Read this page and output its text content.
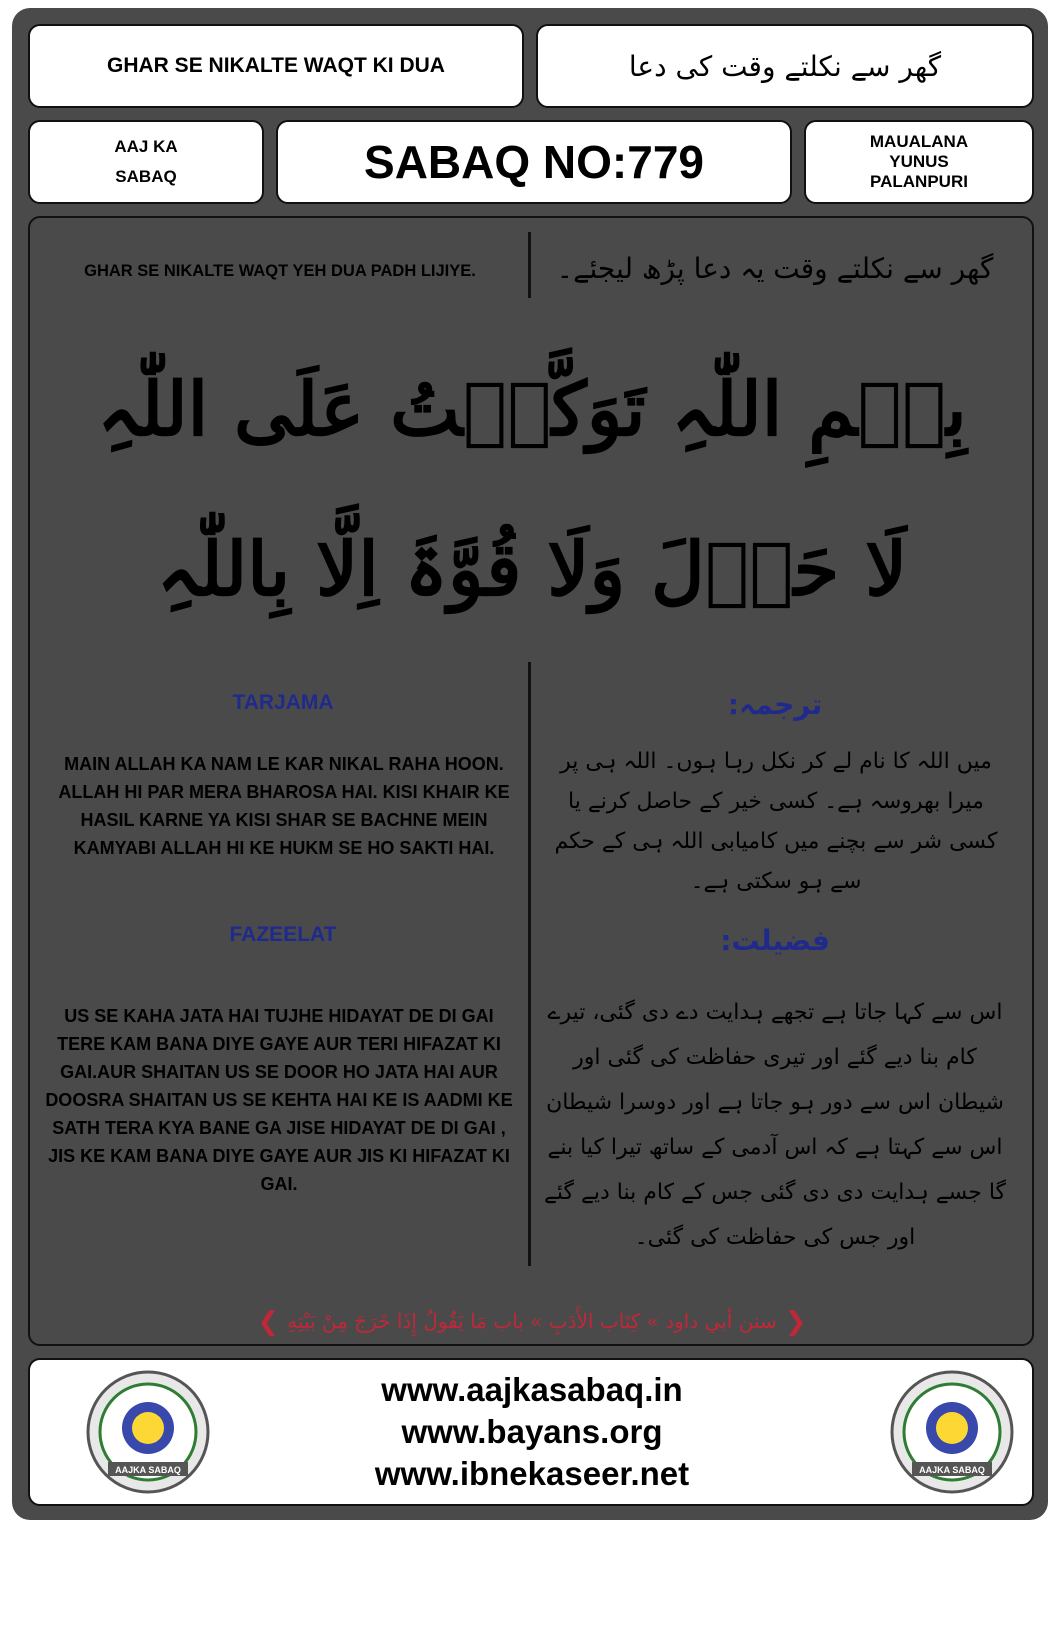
GHAR SE NIKALTE WAQT KI DUA	گھر سے نکلتے وقت کی دعا
AAJ KA
SABAQ	SABAQ NO:779	MAUALANA
YUNUS
PALANPURI
GHAR SE NIKALTE WAQT YEH DUA PADH LIJIYE.	گھر سے نکلتے وقت یہ دعا پڑھ لیجئے۔
بِسۡمِ اللّٰہِ تَوَکَّلۡتُ عَلَی اللّٰہِ
لَا حَوۡلَ وَلَا قُوَّۃَ اِلَّا بِاللّٰہِ
TARJAMA
MAIN ALLAH KA NAM LE KAR NIKAL RAHA HOON. ALLAH HI PAR MERA BHAROSA HAI. KISI KHAIR KE HASIL KARNE YA KISI SHAR SE BACHNE MEIN KAMYABI ALLAH HI KE HUKM SE HO SAKTI HAI.
FAZEELAT
US SE KAHA JATA HAI TUJHE HIDAYAT DE DI GAI TERE KAM BANA DIYE GAYE AUR TERI HIFAZAT KI GAI.AUR SHAITAN US SE DOOR HO JATA HAI AUR DOOSRA SHAITAN US SE KEHTA HAI KE IS AADMI KE SATH TERA KYA BANE GA JISE HIDAYAT DE DI GAI , JIS KE KAM BANA DIYE GAYE AUR JIS KI HIFAZAT KI GAI.
ترجمہ:
میں اللہ کا نام لے کر نکل رہا ہوں۔ اللہ ہی پر میرا بھروسہ ہے۔ کسی خیر کے حاصل کرنے یا کسی شر سے بچنے میں کامیابی اللہ ہی کے حکم سے ہو سکتی ہے۔
فضیلت:
اس سے کہا جاتا ہے تجھے ہدایت دے دی گئی، تیرے کام بنا دیے گئے اور تیری حفاظت کی گئی اور شیطان اس سے دور ہو جاتا ہے اور دوسرا شیطان اس سے کہتا ہے کہ اس آدمی کے ساتھ تیرا کیا بنے گا جسے ہدایت دی دی گئی جس کے کام بنا دیے گئے اور جس کی حفاظت کی گئی۔
❮ سنن أبي داود » كِتَاب الأَدَبِ » باب مَا يَقُولُ إِذَا خَرَجَ مِنْ بَيْتِهِ ❯
www.aajkasabaq.in
www.bayans.org
www.ibnekaseer.net
AAJKA SABAQ	AAJKA SABAQ
